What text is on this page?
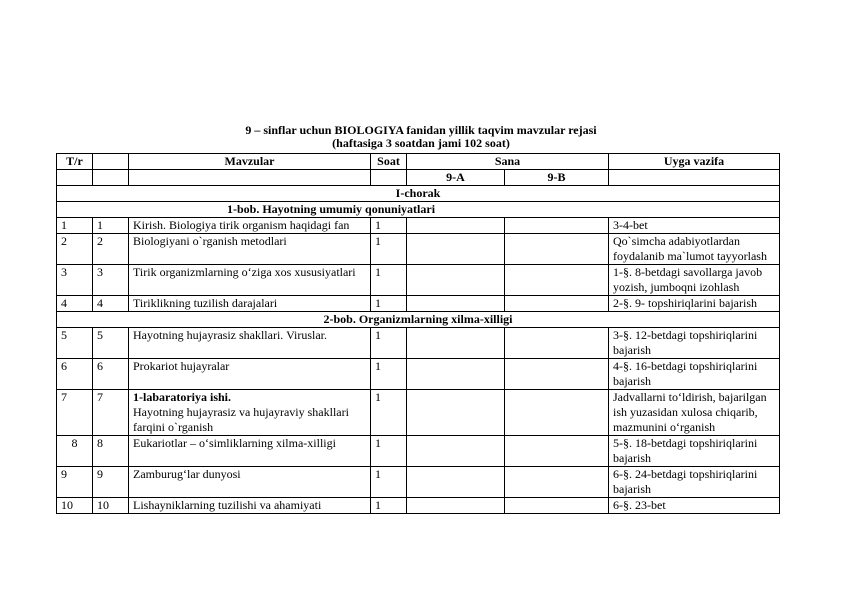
9 – sinflar uchun BIOLOGIYA fanidan yillik taqvim mavzular rejasi
(haftasiga 3 soatdan jami 102 soat)
T/r		Mavzular	Soat	Sana		Uyga vazifa
				9-A	9-B	
I-chorak						
1-bob. Hayotning umumiy qonuniyatlari						
1	1	Kirish. Biologiya tirik organism haqidagi fan	1			3-4-bet
2	2	Biologiyani o`rganish metodlari	1			Qo`simcha adabiyotlardan foydalanib ma`lumot tayyorlash
3	3	Tirik organizmlarning o‘ziga xos xususiyatlari	1			1-§. 8-betdagi savollarga javob yozish, jumboqni izohlash
4	4	Tiriklikning tuzilish darajalari	1			2-§. 9- topshiriqlarini bajarish
2-bob. Organizmlarning xilma-xilligi						
5	5	Hayotning hujayrasiz shakllari. Viruslar.	1			3-§. 12-betdagi topshiriqlarini bajarish
6	6	Prokariot hujayralar	1			4-§. 16-betdagi topshiriqlarini bajarish
7	7	1-labaratoriya ishi.
Hayotning hujayrasiz va hujayraviy shakllari farqini o`rganish	1			Jadvallarni to‘ldirish, bajarilgan ish yuzasidan xulosa chiqarib, mazmunini o‘rganish
8	8	Eukariotlar – o‘simliklarning xilma-xilligi	1			5-§. 18-betdagi topshiriqlarini bajarish
9	9	Zamburug‘lar dunyosi	1			6-§. 24-betdagi topshiriqlarini bajarish
10	10	Lishayniklarning tuzilishi va ahamiyati	1			6-§. 23-bet
